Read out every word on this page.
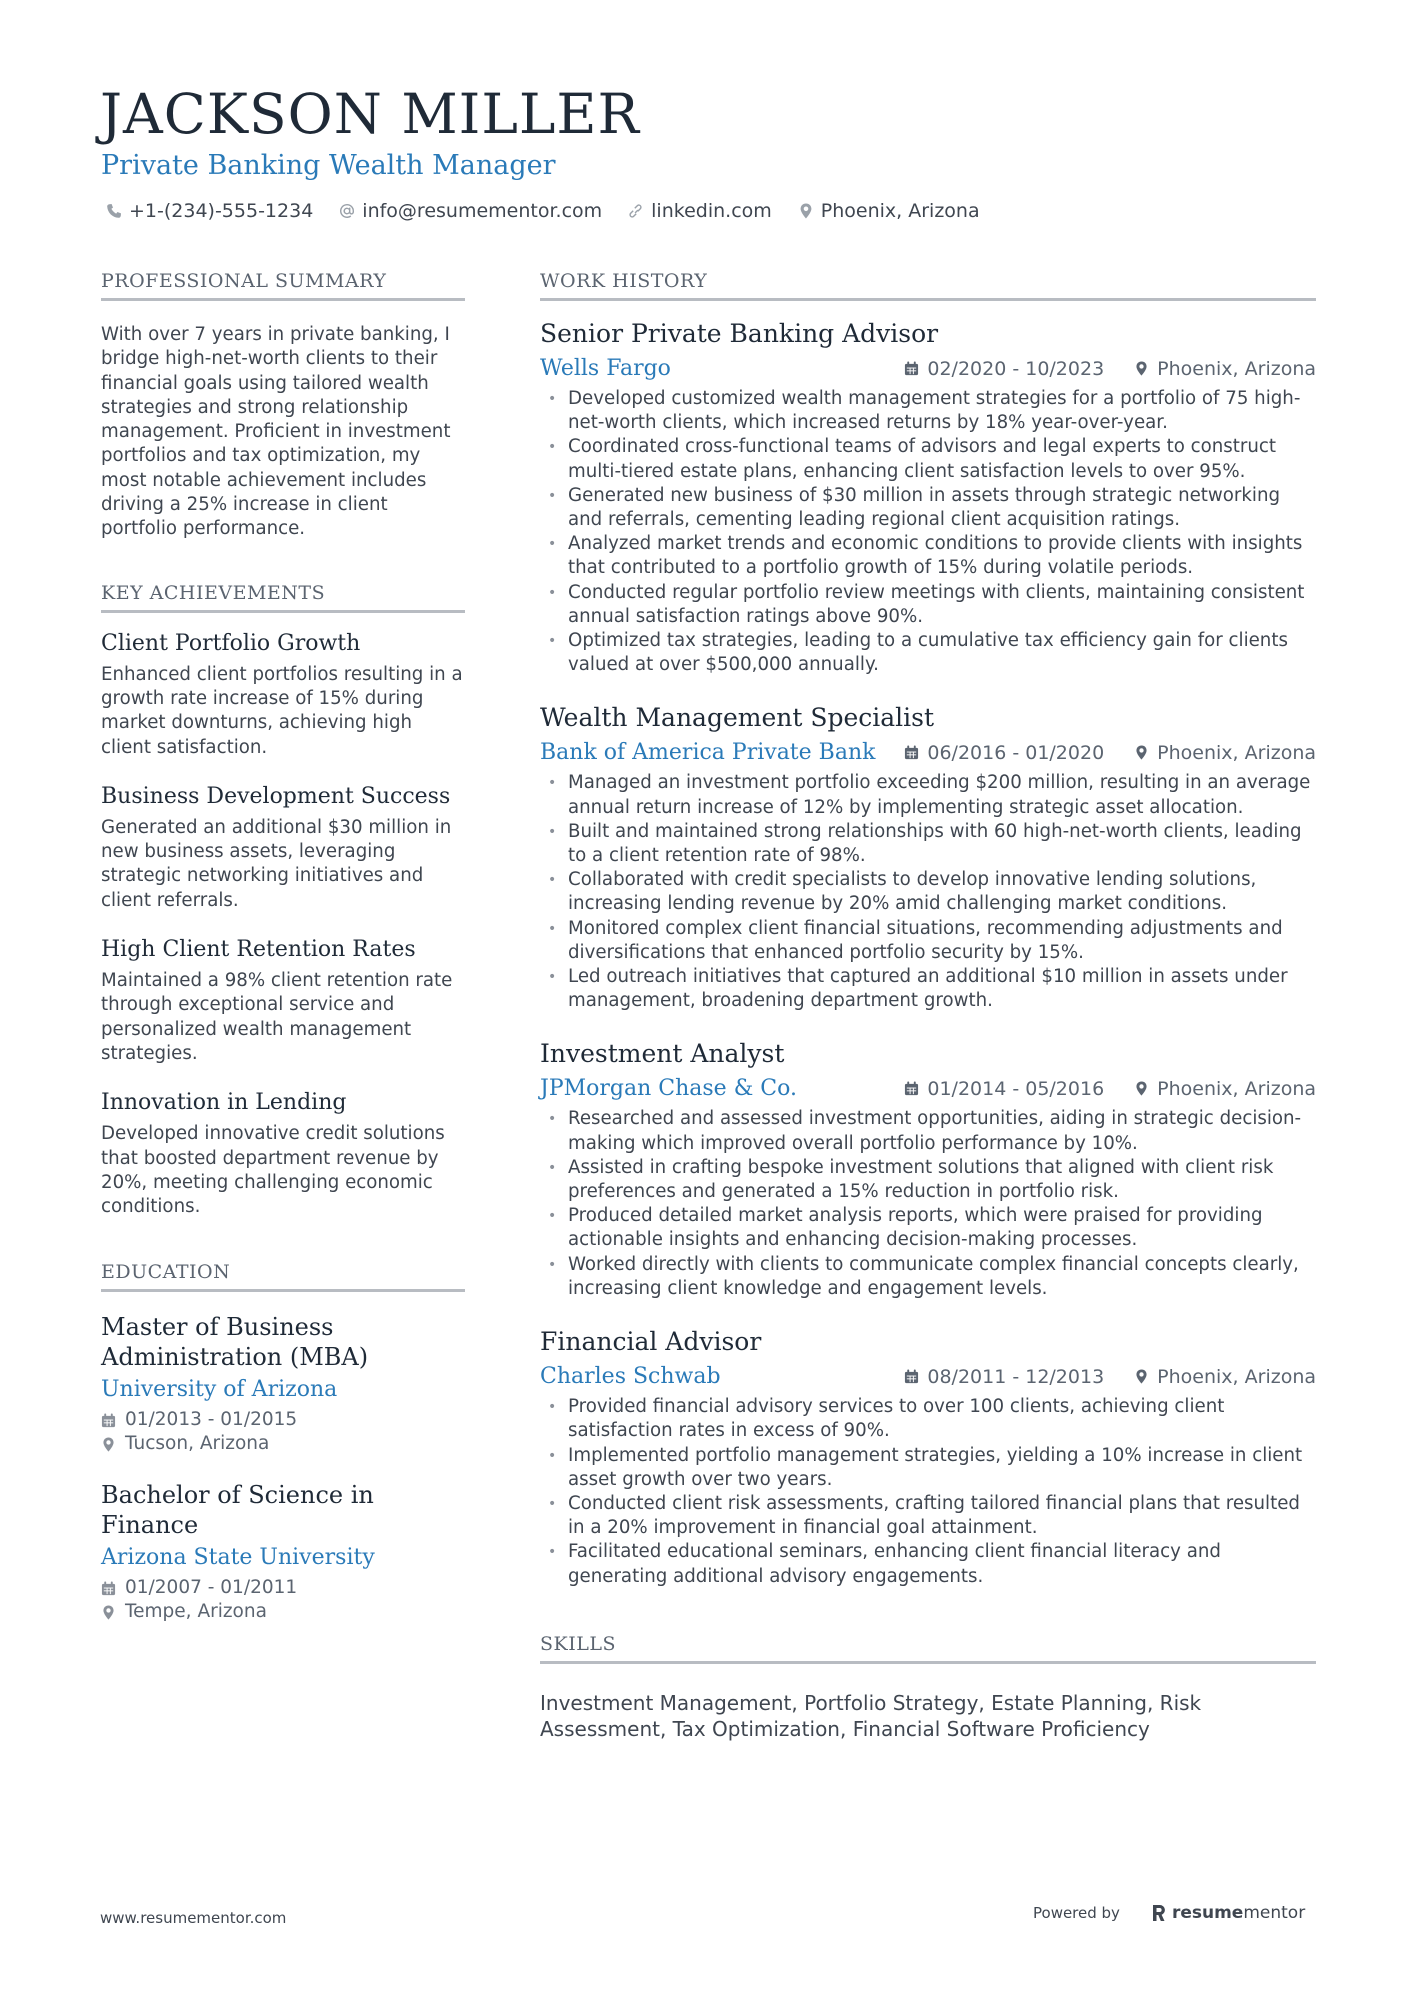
JACKSON MILLER
Private Banking Wealth Manager
+1-(234)-555-1234	info@resumementor.com	linkedin.com	Phoenix, Arizona
PROFESSIONAL SUMMARY

With over 7 years in private banking, I bridge high-net-worth clients to their financial goals using tailored wealth strategies and strong relationship management. Proficient in investment portfolios and tax optimization, my most notable achievement includes driving a 25% increase in client portfolio performance.

KEY ACHIEVEMENTS
Client Portfolio Growth

Enhanced client portfolios resulting in a growth rate increase of 15% during market downturns, achieving high client satisfaction.

Business Development Success

Generated an additional $30 million in new business assets, leveraging strategic networking initiatives and client referrals.

High Client Retention Rates

Maintained a 98% client retention rate through exceptional service and personalized wealth management strategies.

Innovation in Lending

Developed innovative credit solutions that boosted department revenue by 20%, meeting challenging economic conditions.

EDUCATION
Master of Business Administration (MBA)
University of Arizona
01/2013 - 01/2015
Tucson, Arizona
Bachelor of Science in Finance
Arizona State University
01/2007 - 01/2011
Tempe, Arizona
WORK HISTORY
Senior Private Banking Advisor
Wells Fargo	02/2020 - 10/2023	Phoenix, Arizona
• Developed customized wealth management strategies for a portfolio of 75 high-net-worth clients, which increased returns by 18% year-over-year.
• Coordinated cross-functional teams of advisors and legal experts to construct multi-tiered estate plans, enhancing client satisfaction levels to over 95%.
• Generated new business of $30 million in assets through strategic networking and referrals, cementing leading regional client acquisition ratings.
• Analyzed market trends and economic conditions to provide clients with insights that contributed to a portfolio growth of 15% during volatile periods.
• Conducted regular portfolio review meetings with clients, maintaining consistent annual satisfaction ratings above 90%.
• Optimized tax strategies, leading to a cumulative tax efficiency gain for clients valued at over $500,000 annually.
Wealth Management Specialist
Bank of America Private Bank	06/2016 - 01/2020	Phoenix, Arizona
• Managed an investment portfolio exceeding $200 million, resulting in an average annual return increase of 12% by implementing strategic asset allocation.
• Built and maintained strong relationships with 60 high-net-worth clients, leading to a client retention rate of 98%.
• Collaborated with credit specialists to develop innovative lending solutions, increasing lending revenue by 20% amid challenging market conditions.
• Monitored complex client financial situations, recommending adjustments and diversifications that enhanced portfolio security by 15%.
• Led outreach initiatives that captured an additional $10 million in assets under management, broadening department growth.
Investment Analyst
JPMorgan Chase & Co.	01/2014 - 05/2016	Phoenix, Arizona
• Researched and assessed investment opportunities, aiding in strategic decision-making which improved overall portfolio performance by 10%.
• Assisted in crafting bespoke investment solutions that aligned with client risk preferences and generated a 15% reduction in portfolio risk.
• Produced detailed market analysis reports, which were praised for providing actionable insights and enhancing decision-making processes.
• Worked directly with clients to communicate complex financial concepts clearly, increasing client knowledge and engagement levels.
Financial Advisor
Charles Schwab	08/2011 - 12/2013	Phoenix, Arizona
• Provided financial advisory services to over 100 clients, achieving client satisfaction rates in excess of 90%.
• Implemented portfolio management strategies, yielding a 10% increase in client asset growth over two years.
• Conducted client risk assessments, crafting tailored financial plans that resulted in a 20% improvement in financial goal attainment.
• Facilitated educational seminars, enhancing client financial literacy and generating additional advisory engagements.
SKILLS

Investment Management, Portfolio Strategy, Estate Planning, Risk Assessment, Tax Optimization, Financial Software Proficiency

www.resumementor.com	Powered by	resumementor
